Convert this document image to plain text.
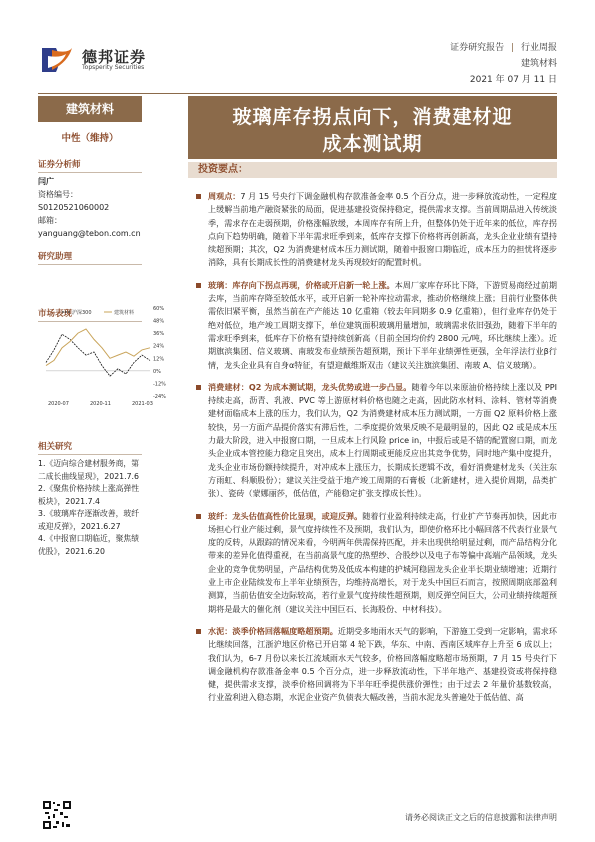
德邦证券
Topsperity Securities
证券研究报告 | 行业周报
建筑材料
2021 年 07 月 11 日
建筑材料
中性（维持）
证券分析师
闫广
资格编号：S0120521060002
邮箱：yanguang@tebon.com.cn
研究助理
市场表现	60%
48%
36%
24%
12%
0%
-12%
-24%
沪深300	建筑材料
2020-07	2020-11	2021-03
相关研究
1.《迈向综合建材服务商，第二成长曲线显现》，2021.7.6
2.《聚焦价格持续上涨高弹性板块》，2021.7.4
3.《玻璃库存逐渐改善，玻纤或迎反弹》，2021.6.27
4.《中报窗口期临近，聚焦绩优股》，2021.6.20
玻璃库存拐点向下，消费建材迎
成本测试期
投资要点：
周观点：7 月 15 号央行下调金融机构存款准备金率 0.5 个百分点，进一步释放流动性，一定程度上缓解当前地产融资紧张的局面，促进基建投资保持稳定，提供需求支撑。当前周期品进入传统淡季，需求存在走弱预期，价格涨幅放缓，本周库存有所上升，但整体仍处于近年来的低位，库存拐点向下趋势明确，随着下半年需求旺季到来，低库存支撑下价格将再创新高，龙头企业业绩有望持续超预期；其次，Q2 为消费建材成本压力测试期，随着中报窗口期临近，成本压力的担忧将逐步消除，具有长期成长性的消费建材龙头再现较好的配置时机。
玻璃：库存向下拐点再现，价格或开启新一轮上涨。本周厂家库存环比下降，下游贸易商经过前期去库，当前库存降至较低水平，或开启新一轮补库拉动需求，推动价格继续上涨；目前行业整体供需依旧紧平衡，虽然当前在产产能达 10 亿重箱（较去年同期多 0.9 亿重箱），但行业库存仍处于绝对低位，地产竣工周期支撑下，单位建筑面积玻璃用量增加，玻璃需求依旧强劲，随着下半年的需求旺季到来，低库存下价格有望持续创新高（目前全国均价约 2800 元/吨，环比继续上涨）。近期旗滨集团、信义玻璃、南玻发布业绩预告超预期，预计下半年业绩弹性更强，全年浮法行业β行情，龙头企业具有自身α特征，有望迎戴维斯双击（建议关注旗滨集团、南玻 A、信义玻璃）。
消费建材：Q2 为成本测试期，龙头优势或进一步凸显。随着今年以来原油价格持续上涨以及 PPI 持续走高，沥青、乳液、PVC 等上游原材料价格也随之走高，因此防水材料、涂料、管材等消费建材面临成本上涨的压力，我们认为，Q2 为消费建材成本压力测试期，一方面 Q2 原料价格上涨较快，另一方面产品提价落实有滞后性，二季度提价效果反映不是最明显的，因此 Q2 或是成本压力最大阶段，进入中报窗口期，一旦成本上行风险 price in，中报后或是不错的配置窗口期，而龙头企业成本管控能力稳定且突出，成本上行周期或更能反应出其竞争优势，同时地产集中度提升，龙头企业市场份额持续提升，对冲成本上涨压力，长期成长逻辑不改，看好消费建材龙头（关注东方雨虹、科顺股份）；建议关注受益于地产竣工周期的石膏板（北新建材，进入提价周期，品类扩张）、瓷砖（蒙娜丽莎，低估值，产能稳定扩张支撑成长性）。
玻纤：龙头估值高性价比显现，或迎反弹。随着行业盈利持续走高，行业扩产节奏再加快，因此市场担心行业产能过剩，景气度持续性不及预期，我们认为，即使价格环比小幅回落不代表行业景气度的反转，从跟踪的情况来看，今明两年供需保持匹配，并未出现供给明显过剩，而产品结构分化带来的差异化值得重视，在当前高景气度的热塑纱、合股纱以及电子布等偏中高端产品领域，龙头企业的竞争优势明显，产品结构优势及低成本构建的护城河稳固龙头企业半长期业绩增速；近期行业上市企业陆续发布上半年业绩预告，均维持高增长，对于龙头中国巨石而言，按照周期底部盈利测算，当前估值安全边际较高，若行业景气度持续性超预期，则反弹空间巨大，公司业绩持续超预期将是最大的催化剂（建议关注中国巨石、长海股份、中材科技）。
水泥：淡季价格回落幅度略超预期。近期受多地雨水天气的影响，下游施工受到一定影响，需求环比继续回落，江浙沪地区价格已开启第 4 轮下跌，华东、中南、西南区域库存上升至 6 成以上；我们认为，6-7 月份以来长江流域雨水天气较多，价格回落幅度略超市场预期，7 月 15 号央行下调金融机构存款准备金率 0.5 个百分点，进一步释放流动性，下半年地产、基建投资或将保持稳健，提供需求支撑，淡季价格回调将为下半年旺季提供涨价弹性；由于过去 2 年量价基数较高，行业盈利进入稳态期，水泥企业资产负债表大幅改善，当前水泥龙头普遍处于低估值、高
请务必阅读正文之后的信息披露和法律声明
